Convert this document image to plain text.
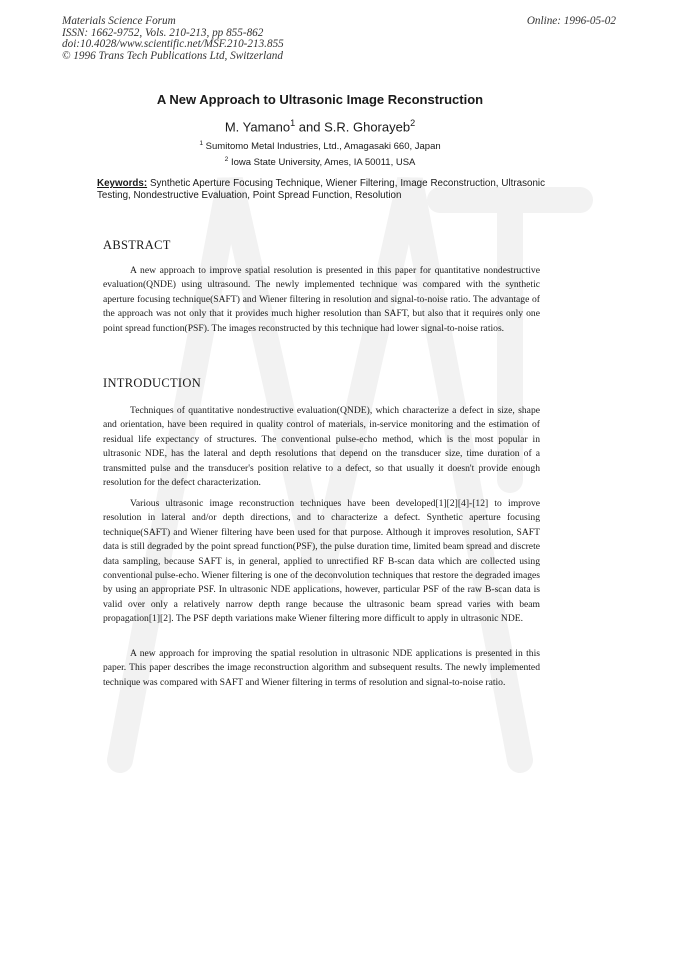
Materials Science Forum
ISSN: 1662-9752, Vols. 210-213, pp 855-862
doi:10.4028/www.scientific.net/MSF.210-213.855
© 1996 Trans Tech Publications Ltd, Switzerland
Online: 1996-05-02
A New Approach to Ultrasonic Image Reconstruction
M. Yamano$^1$ and S.R. Ghorayeb$^2$
$^1$ Sumitomo Metal Industries, Ltd., Amagasaki 660, Japan
$^2$ Iowa State University, Ames, IA 50011, USA
Keywords: Synthetic Aperture Focusing Technique, Wiener Filtering, Image Reconstruction, Ultrasonic Testing, Nondestructive Evaluation, Point Spread Function, Resolution
ABSTRACT

A new approach to improve spatial resolution is presented in this paper for quantitative nondestructive evaluation(QNDE) using ultrasound. The newly implemented technique was compared with the synthetic aperture focusing technique(SAFT) and Wiener filtering in resolution and signal-to-noise ratio. The advantage of the approach was not only that it provides much higher resolution than SAFT, but also that it requires only one point spread function(PSF). The images reconstructed by this technique had lower signal-to-noise ratios.

INTRODUCTION

Techniques of quantitative nondestructive evaluation(QNDE), which characterize a defect in size, shape and orientation, have been required in quality control of materials, in-service monitoring and the estimation of residual life expectancy of structures. The conventional pulse-echo method, which is the most popular in ultrasonic NDE, has the lateral and depth resolutions that depend on the transducer size, time duration of a transmitted pulse and the transducer's position relative to a defect, so that usually it doesn't provide enough resolution for the defect characterization.

Various ultrasonic image reconstruction techniques have been developed[1][2][4]-[12] to improve resolution in lateral and/or depth directions, and to characterize a defect. Synthetic aperture focusing technique(SAFT) and Wiener filtering have been used for that purpose. Although it improves resolution, SAFT data is still degraded by the point spread function(PSF), the pulse duration time, limited beam spread and discrete data sampling, because SAFT is, in general, applied to unrectified RF B-scan data which are collected using conventional pulse-echo. Wiener filtering is one of the deconvolution techniques that restore the degraded images by using an appropriate PSF. In ultrasonic NDE applications, however, particular PSF of the raw B-scan data is valid over only a relatively narrow depth range because the ultrasonic beam spread varies with beam propagation[1][2]. The PSF depth variations make Wiener filtering more difficult to apply in ultrasonic NDE.

A new approach for improving the spatial resolution in ultrasonic NDE applications is presented in this paper. This paper describes the image reconstruction algorithm and subsequent results. The newly implemented technique was compared with SAFT and Wiener filtering in terms of resolution and signal-to-noise ratio.
